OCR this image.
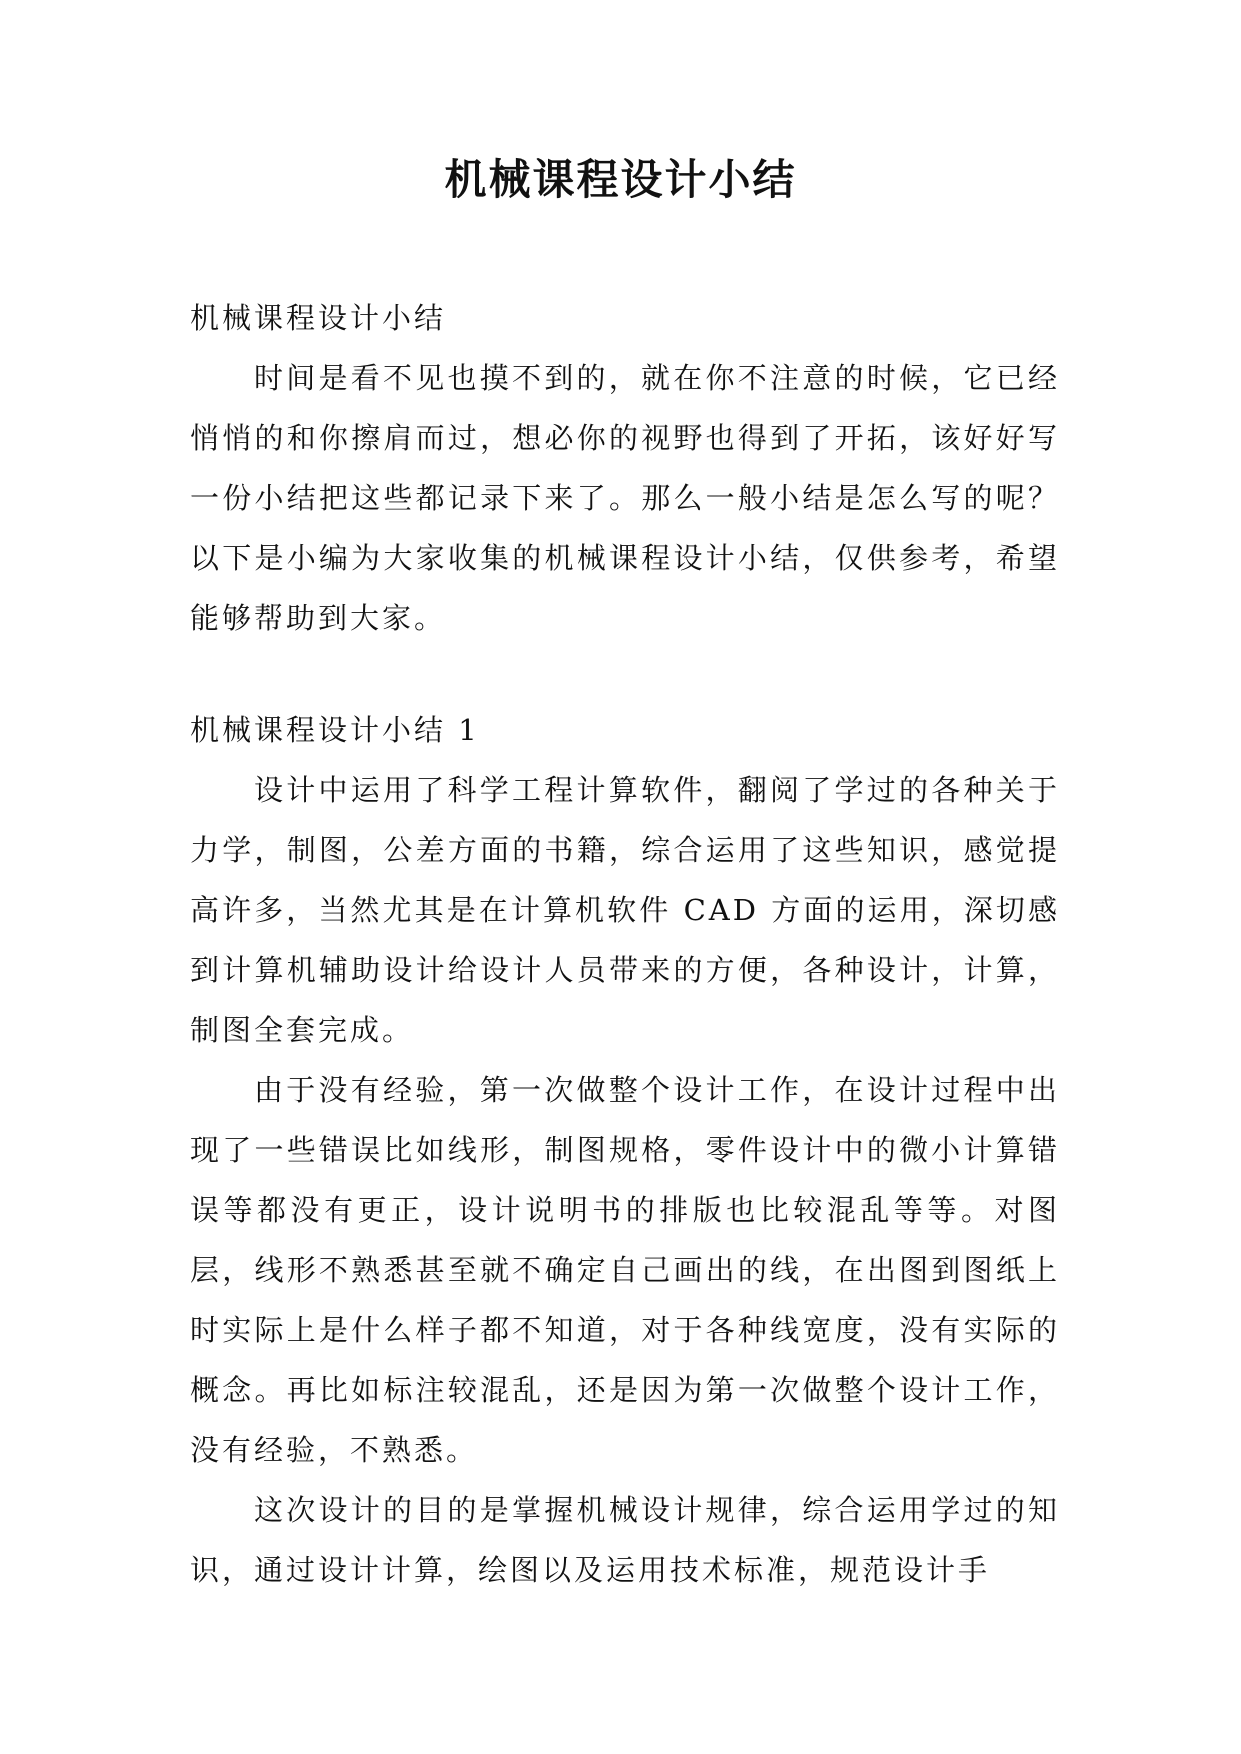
机械课程设计小结

机械课程设计小结

时间是看不见也摸不到的，就在你不注意的时候，它已经悄悄的和你擦肩而过，想必你的视野也得到了开拓，该好好写一份小结把这些都记录下来了。那么一般小结是怎么写的呢？以下是小编为大家收集的机械课程设计小结，仅供参考，希望能够帮助到大家。

机械课程设计小结 1

设计中运用了科学工程计算软件，翻阅了学过的各种关于力学，制图，公差方面的书籍，综合运用了这些知识，感觉提高许多，当然尤其是在计算机软件 CAD 方面的运用，深切感到计算机辅助设计给设计人员带来的方便，各种设计，计算，制图全套完成。

由于没有经验，第一次做整个设计工作，在设计过程中出现了一些错误比如线形，制图规格，零件设计中的微小计算错误等都没有更正，设计说明书的排版也比较混乱等等。对图层，线形不熟悉甚至就不确定自己画出的线，在出图到图纸上时实际上是什么样子都不知道，对于各种线宽度，没有实际的概念。再比如标注较混乱，还是因为第一次做整个设计工作，没有经验，不熟悉。

这次设计的目的是掌握机械设计规律，综合运用学过的知识，通过设计计算，绘图以及运用技术标准，规范设计手
